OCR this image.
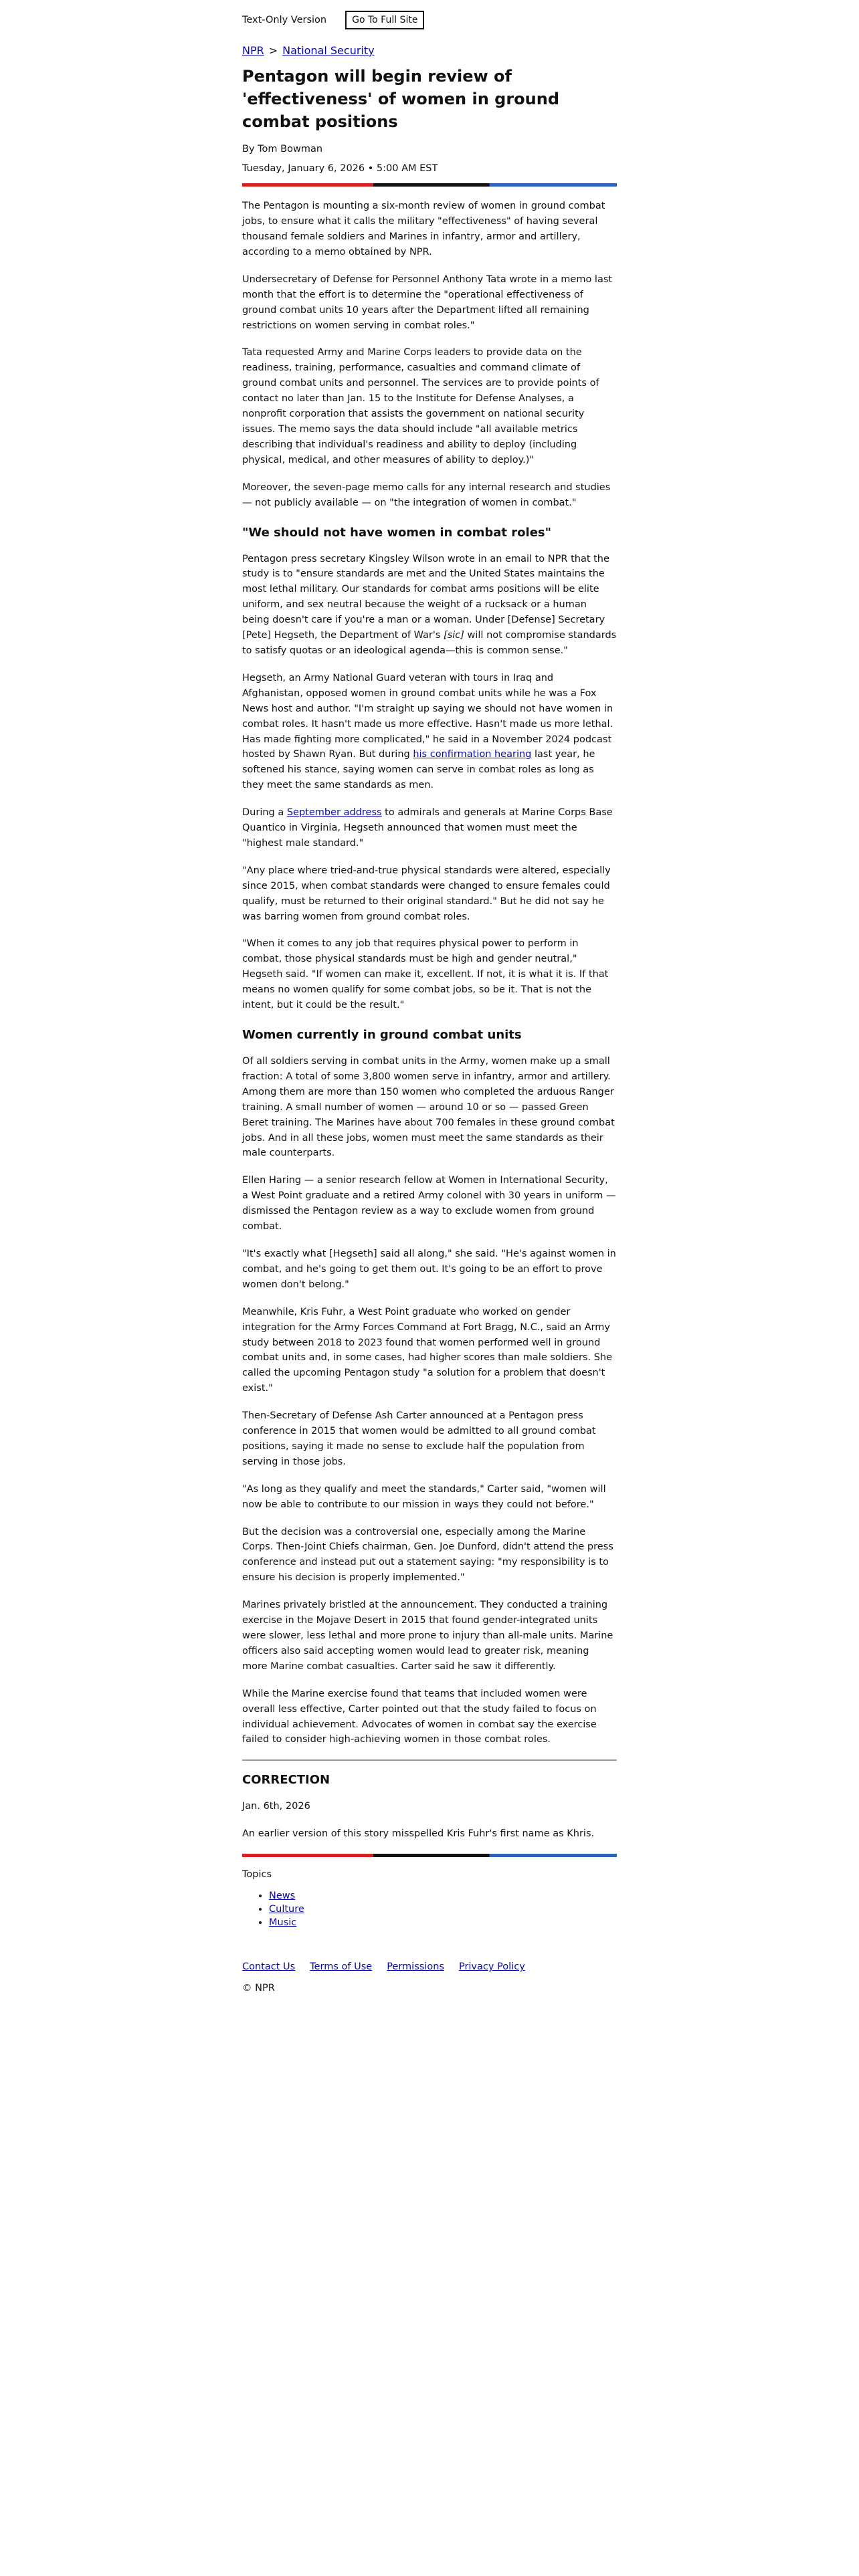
Text-Only Version	Go To Full Site
NPR > National Security
Pentagon will begin review of 'effectiveness' of women in ground combat positions
By Tom Bowman
Tuesday, January 6, 2026 • 5:00 AM EST

The Pentagon is mounting a six-month review of women in ground combat jobs, to ensure what it calls the military "effectiveness" of having several thousand female soldiers and Marines in infantry, armor and artillery, according to a memo obtained by NPR.

Undersecretary of Defense for Personnel Anthony Tata wrote in a memo last month that the effort is to determine the "operational effectiveness of ground combat units 10 years after the Department lifted all remaining restrictions on women serving in combat roles."

Tata requested Army and Marine Corps leaders to provide data on the readiness, training, performance, casualties and command climate of ground combat units and personnel. The services are to provide points of contact no later than Jan. 15 to the Institute for Defense Analyses, a nonprofit corporation that assists the government on national security issues. The memo says the data should include "all available metrics describing that individual's readiness and ability to deploy (including physical, medical, and other measures of ability to deploy.)"

Moreover, the seven-page memo calls for any internal research and studies — not publicly available — on "the integration of women in combat."

"We should not have women in combat roles"

Pentagon press secretary Kingsley Wilson wrote in an email to NPR that the study is to "ensure standards are met and the United States maintains the most lethal military. Our standards for combat arms positions will be elite uniform, and sex neutral because the weight of a rucksack or a human being doesn't care if you're a man or a woman. Under [Defense] Secretary [Pete] Hegseth, the Department of War's [sic] will not compromise standards to satisfy quotas or an ideological agenda—this is common sense."

Hegseth, an Army National Guard veteran with tours in Iraq and Afghanistan, opposed women in ground combat units while he was a Fox News host and author. "I'm straight up saying we should not have women in combat roles. It hasn't made us more effective. Hasn't made us more lethal. Has made fighting more complicated," he said in a November 2024 podcast hosted by Shawn Ryan. But during his confirmation hearing last year, he softened his stance, saying women can serve in combat roles as long as they meet the same standards as men.

During a September address to admirals and generals at Marine Corps Base Quantico in Virginia, Hegseth announced that women must meet the "highest male standard."

"Any place where tried-and-true physical standards were altered, especially since 2015, when combat standards were changed to ensure females could qualify, must be returned to their original standard." But he did not say he was barring women from ground combat roles.

"When it comes to any job that requires physical power to perform in combat, those physical standards must be high and gender neutral," Hegseth said. "If women can make it, excellent. If not, it is what it is. If that means no women qualify for some combat jobs, so be it. That is not the intent, but it could be the result."

Women currently in ground combat units

Of all soldiers serving in combat units in the Army, women make up a small fraction: A total of some 3,800 women serve in infantry, armor and artillery. Among them are more than 150 women who completed the arduous Ranger training. A small number of women — around 10 or so — passed Green Beret training. The Marines have about 700 females in these ground combat jobs. And in all these jobs, women must meet the same standards as their male counterparts.

Ellen Haring — a senior research fellow at Women in International Security, a West Point graduate and a retired Army colonel with 30 years in uniform — dismissed the Pentagon review as a way to exclude women from ground combat.

"It's exactly what [Hegseth] said all along," she said. "He's against women in combat, and he's going to get them out. It's going to be an effort to prove women don't belong."

Meanwhile, Kris Fuhr, a West Point graduate who worked on gender integration for the Army Forces Command at Fort Bragg, N.C., said an Army study between 2018 to 2023 found that women performed well in ground combat units and, in some cases, had higher scores than male soldiers. She called the upcoming Pentagon study "a solution for a problem that doesn't exist."

Then-Secretary of Defense Ash Carter announced at a Pentagon press conference in 2015 that women would be admitted to all ground combat positions, saying it made no sense to exclude half the population from serving in those jobs.

"As long as they qualify and meet the standards," Carter said, "women will now be able to contribute to our mission in ways they could not before."

But the decision was a controversial one, especially among the Marine Corps. Then-Joint Chiefs chairman, Gen. Joe Dunford, didn't attend the press conference and instead put out a statement saying: "my responsibility is to ensure his decision is properly implemented."

Marines privately bristled at the announcement. They conducted a training exercise in the Mojave Desert in 2015 that found gender-integrated units were slower, less lethal and more prone to injury than all-male units. Marine officers also said accepting women would lead to greater risk, meaning more Marine combat casualties. Carter said he saw it differently.

While the Marine exercise found that teams that included women were overall less effective, Carter pointed out that the study failed to focus on individual achievement. Advocates of women in combat say the exercise failed to consider high-achieving women in those combat roles.

CORRECTION

Jan. 6th, 2026

An earlier version of this story misspelled Kris Fuhr's first name as Khris.

Topics
• News
• Culture
• Music
Contact Us Terms of Use Permissions Privacy Policy
© NPR
